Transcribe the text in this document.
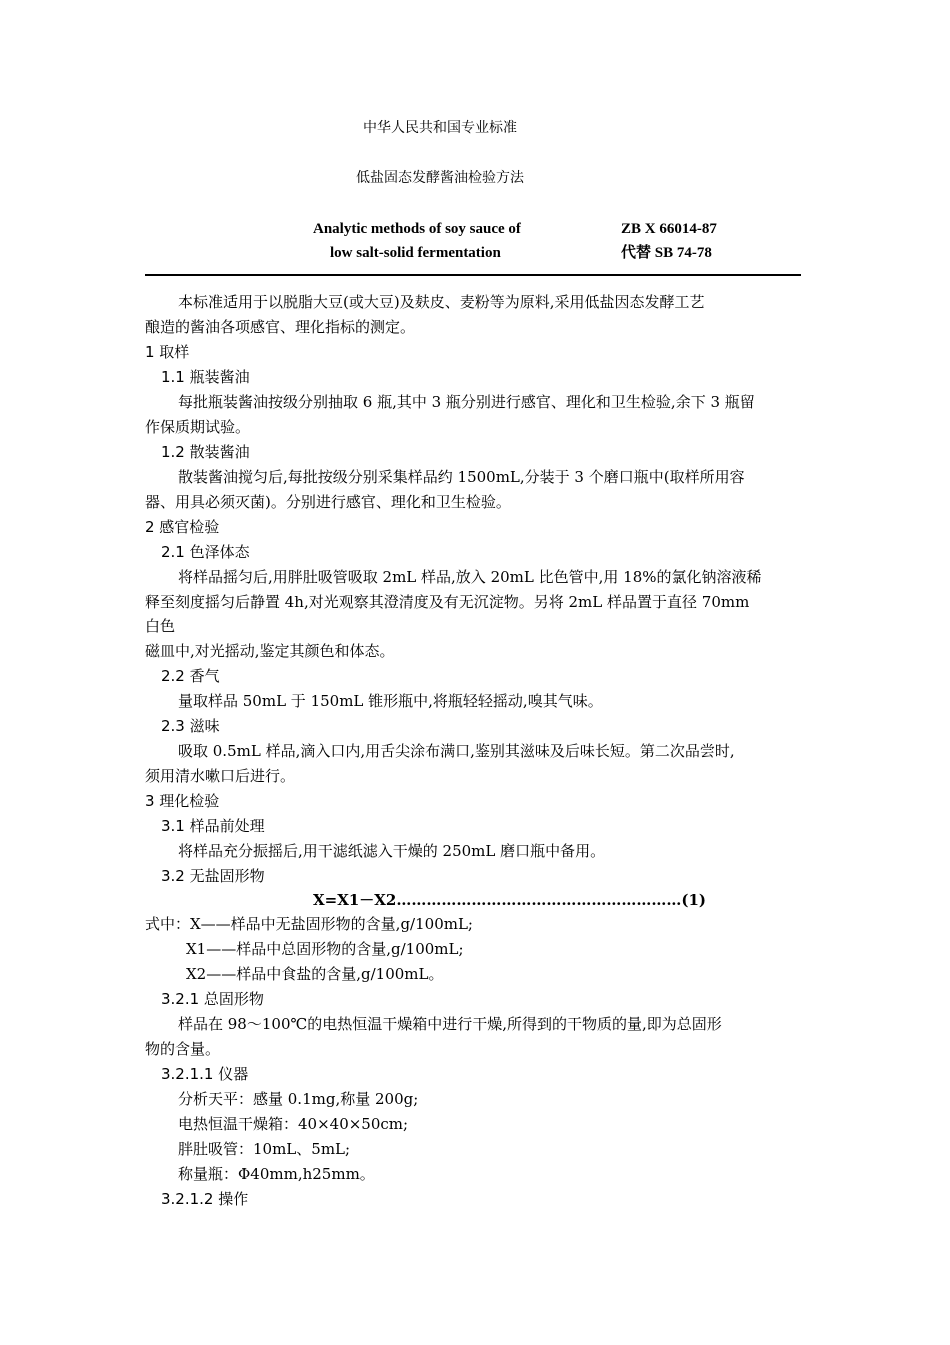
中华人民共和国专业标准
低盐固态发酵酱油检验方法
Analytic methods of soy sauce of	ZB X 66014-87
low salt-solid fermentation	代替 SB 74-78
本标准适用于以脱脂大豆(或大豆)及麸皮、麦粉等为原料,采用低盐因态发酵工艺
酿造的酱油各项感官、理化指标的测定。
1 取样
1.1 瓶装酱油
每批瓶装酱油按级分别抽取 6 瓶,其中 3 瓶分别进行感官、理化和卫生检验,余下 3 瓶留
作保质期试验。
1.2 散装酱油
散装酱油搅匀后,每批按级分别采集样品约 1500mL,分装于 3 个磨口瓶中(取样所用容
器、用具必须灭菌)。分别进行感官、理化和卫生检验。
2 感官检验
2.1 色泽体态
将样品摇匀后,用胖肚吸管吸取 2mL 样品,放入 20mL 比色管中,用 18%的氯化钠溶液稀
释至刻度摇匀后静置 4h,对光观察其澄清度及有无沉淀物。另将 2mL 样品置于直径 70mm
白色
磁皿中,对光摇动,鉴定其颜色和体态。
2.2 香气
量取样品 50mL 于 150mL 锥形瓶中,将瓶轻轻摇动,嗅其气味。
2.3 滋味
吸取 0.5mL 样品,滴入口内,用舌尖涂布满口,鉴别其滋味及后味长短。第二次品尝时,
须用清水嗽口后进行。
3 理化检验
3.1 样品前处理
将样品充分振摇后,用干滤纸滤入干燥的 250mL 磨口瓶中备用。
3.2 无盐固形物
X=X1－X2…………………………………………………(1)
式中：X——样品中无盐固形物的含量,g/100mL;
X1——样品中总固形物的含量,g/100mL;
X2——样品中食盐的含量,g/100mL。
3.2.1 总固形物
样品在 98～100℃的电热恒温干燥箱中进行干燥,所得到的干物质的量,即为总固形
物的含量。
3.2.1.1 仪器
分析天平：感量 0.1mg,称量 200g;
电热恒温干燥箱：40×40×50cm;
胖肚吸管：10mL、5mL;
称量瓶：Φ40mm,h25mm。
3.2.1.2 操作
